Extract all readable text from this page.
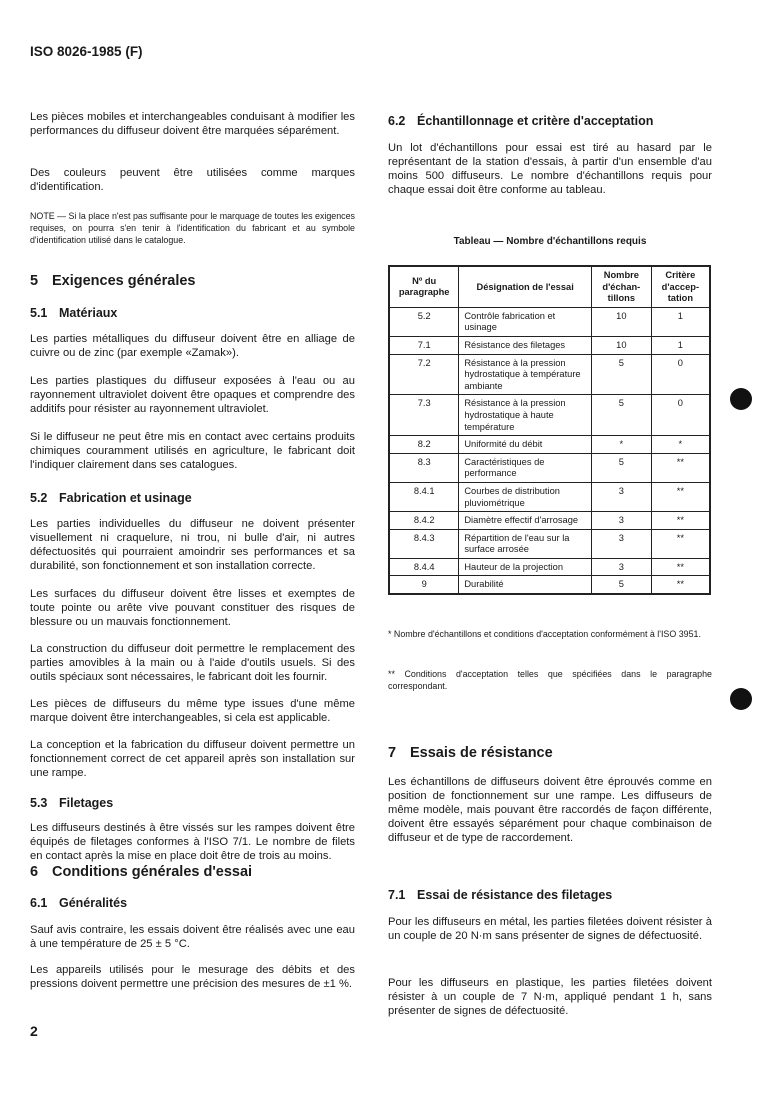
ISO 8026-1985 (F)
Les pièces mobiles et interchangeables conduisant à modifier les performances du diffuseur doivent être marquées séparément.
Des couleurs peuvent être utilisées comme marques d'identification.
NOTE — Si la place n'est pas suffisante pour le marquage de toutes les exigences requises, on pourra s'en tenir à l'identification du fabricant et au symbole d'identification utilisé dans le catalogue.
5 Exigences générales
5.1 Matériaux
Les parties métalliques du diffuseur doivent être en alliage de cuivre ou de zinc (par exemple «Zamak»).
Les parties plastiques du diffuseur exposées à l'eau ou au rayonnement ultraviolet doivent être opaques et comprendre des additifs pour résister au rayonnement ultraviolet.
Si le diffuseur ne peut être mis en contact avec certains produits chimiques couramment utilisés en agriculture, le fabricant doit l'indiquer clairement dans ses catalogues.
5.2 Fabrication et usinage
Les parties individuelles du diffuseur ne doivent présenter visuellement ni craquelure, ni trou, ni bulle d'air, ni autres défectuosités qui pourraient amoindrir ses performances et sa durabilité, son fonctionnement et son installation correcte.
Les surfaces du diffuseur doivent être lisses et exemptes de toute pointe ou arête vive pouvant constituer des risques de blessure ou un mauvais fonctionnement.
La construction du diffuseur doit permettre le remplacement des parties amovibles à la main ou à l'aide d'outils usuels. Si des outils spéciaux sont nécessaires, le fabricant doit les fournir.
Les pièces de diffuseurs du même type issues d'une même marque doivent être interchangeables, si cela est applicable.
La conception et la fabrication du diffuseur doivent permettre un fonctionnement correct de cet appareil après son installation sur une rampe.
5.3 Filetages
Les diffuseurs destinés à être vissés sur les rampes doivent être équipés de filetages conformes à l'ISO 7/1. Le nombre de filets en contact après la mise en place doit être de trois au moins.
6 Conditions générales d'essai
6.1 Généralités
Sauf avis contraire, les essais doivent être réalisés avec une eau à une température de 25 ± 5 °C.
Les appareils utilisés pour le mesurage des débits et des pressions doivent permettre une précision des mesures de ±1 %.
2
6.2 Échantillonnage et critère d'acceptation
Un lot d'échantillons pour essai est tiré au hasard par le représentant de la station d'essais, à partir d'un ensemble d'au moins 500 diffuseurs. Le nombre d'échantillons requis pour chaque essai doit être conforme au tableau.
Tableau — Nombre d'échantillons requis
Nº du paragraphe	Désignation de l'essai	Nombre d'échantillons	Critère d'acceptation
5.2	Contrôle fabrication et usinage	10	1
7.1	Résistance des filetages	10	1
7.2	Résistance à la pression hydrostatique à température ambiante	5	0
7.3	Résistance à la pression hydrostatique à haute température	5	0
8.2	Uniformité du débit	*	*
8.3	Caractéristiques de performance	5	**
8.4.1	Courbes de distribution pluviométrique	3	**
8.4.2	Diamètre effectif d'arrosage	3	**
8.4.3	Répartition de l'eau sur la surface arrosée	3	**
8.4.4	Hauteur de la projection	3	**
9	Durabilité	5	**
* Nombre d'échantillons et conditions d'acceptation conformément à l'ISO 3951.
** Conditions d'acceptation telles que spécifiées dans le paragraphe correspondant.
7 Essais de résistance
Les échantillons de diffuseurs doivent être éprouvés comme en position de fonctionnement sur une rampe. Les diffuseurs de même modèle, mais pouvant être raccordés de façon différente, doivent être essayés séparément pour chaque combinaison de diffuseur et de type de raccordement.
7.1 Essai de résistance des filetages
Pour les diffuseurs en métal, les parties filetées doivent résister à un couple de 20 N·m sans présenter de signes de défectuosité.
Pour les diffuseurs en plastique, les parties filetées doivent résister à un couple de 7 N·m, appliqué pendant 1 h, sans présenter de signes de défectuosité.
